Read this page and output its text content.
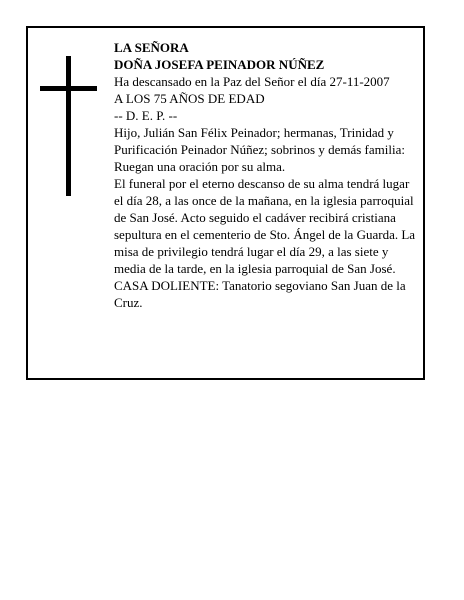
LA SEÑORA

DOÑA JOSEFA PEINADOR NÚÑEZ

Ha descansado en la Paz del Señor el día 27-11-2007

A LOS 75 AÑOS DE EDAD

-- D. E. P. --

Hijo, Julián San Félix Peinador; hermanas, Trinidad y Purificación Peinador Núñez; sobrinos y demás familia:

Ruegan una oración por su alma.

El funeral por el eterno descanso de su alma tendrá lugar el día 28, a las once de la mañana, en la iglesia parroquial de San José. Acto seguido el cadáver recibirá cristiana sepultura en el cementerio de Sto. Ángel de la Guarda. La misa de privilegio tendrá lugar el día 29, a las siete y media de la tarde, en la iglesia parroquial de San José.

CASA DOLIENTE: Tanatorio segoviano San Juan de la Cruz.
